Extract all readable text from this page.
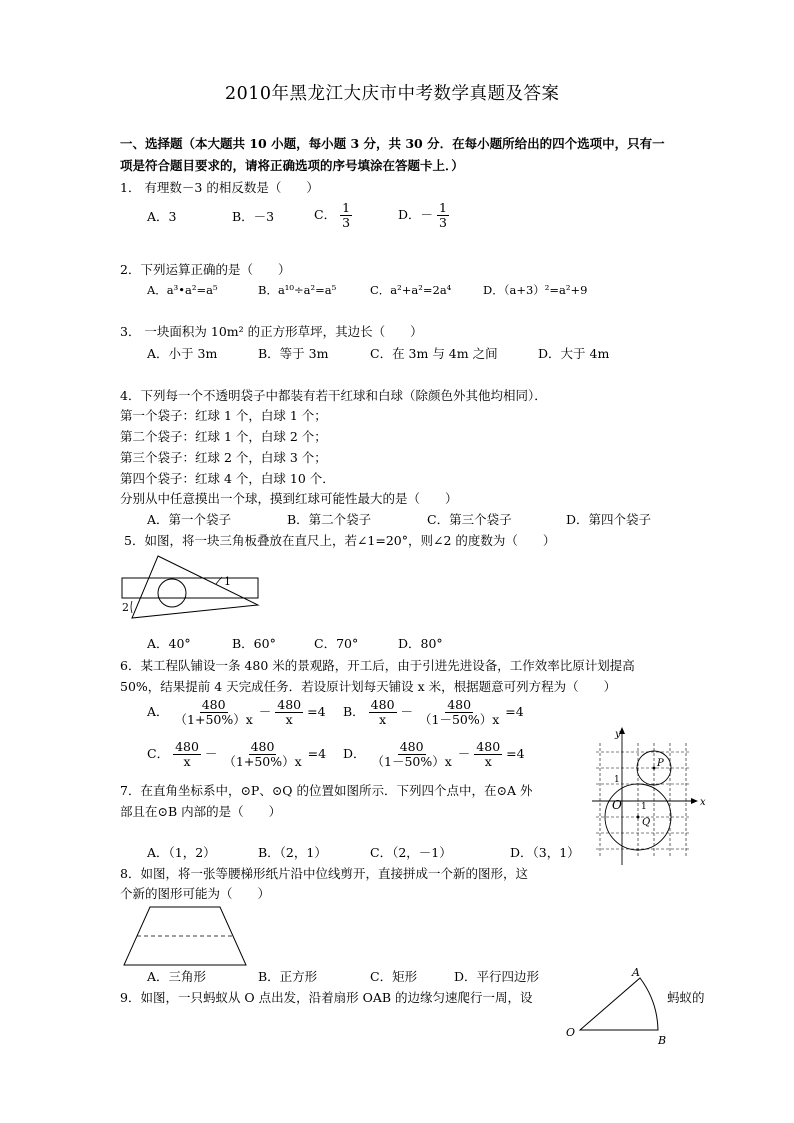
2010年黑龙江大庆市中考数学真题及答案
一、选择题（本大题共 10 小题，每小题 3 分，共 30 分．在每小题所给出的四个选项中，只有一
项是符合题目要求的，请将正确选项的序号填涂在答题卡上．）
1． 有理数－3 的相反数是（　　）
A．3	B．－3	C． $\frac{1}{3}$	D．－ $\frac{1}{3}$
2．下列运算正确的是（　　）
A．a³•a²=a⁵	B．a¹⁰÷a²=a⁵	C．a²+a²=2a⁴	D．（a+3）²=a²+9
3． 一块面积为 10m² 的正方形草坪，其边长（　　）
A．小于 3m	B．等于 3m	C．在 3m 与 4m 之间	D．大于 4m
4．下列每一个不透明袋子中都装有若干红球和白球（除颜色外其他均相同）．
第一个袋子：红球 1 个，白球 1 个；
第二个袋子：红球 1 个，白球 2 个；
第三个袋子：红球 2 个，白球 3 个；
第四个袋子：红球 4 个，白球 10 个．
分别从中任意摸出一个球，摸到红球可能性最大的是（　　）
A．第一个袋子	B．第二个袋子	C．第三个袋子	D．第四个袋子
5．如图，将一块三角板叠放在直尺上，若∠1=20°，则∠2 的度数为（　　）
1
2
A．40°	B．60°	C．70°	D．80°
6．某工程队铺设一条 480 米的景观路，开工后，由于引进先进设备，工作效率比原计划提高
50%，结果提前 4 天完成任务．若设原计划每天铺设 x 米，根据题意可列方程为（　　）
A． $\frac{480}{(1+50\%)x} - \frac{480}{x} =4$ B． $\frac{480}{x} - \frac{480}{(1-50\%)x} =4$
C． $\frac{480}{x} - \frac{480}{(1+50\%)x} =4$ D． $\frac{480}{(1-50\%)x} - \frac{480}{x} =4$
y
x
O
P
Q
1
1
7．在直角坐标系中，⊙P、⊙Q 的位置如图所示．下列四个点中，在⊙A 外
部且在⊙B 内部的是（　　）
A．（1，2）	B．（2，1）	C．（2，－1）	D．（3，1）
8．如图，将一张等腰梯形纸片沿中位线剪开，直接拼成一个新的图形，这
个新的图形可能为（　　）
A．三角形	B．正方形	C．矩形	D．平行四边形
9．如图，一只蚂蚁从 O 点出发，沿着扇形 OAB 的边缘匀速爬行一周，设	蚂蚁的
A
B
O
